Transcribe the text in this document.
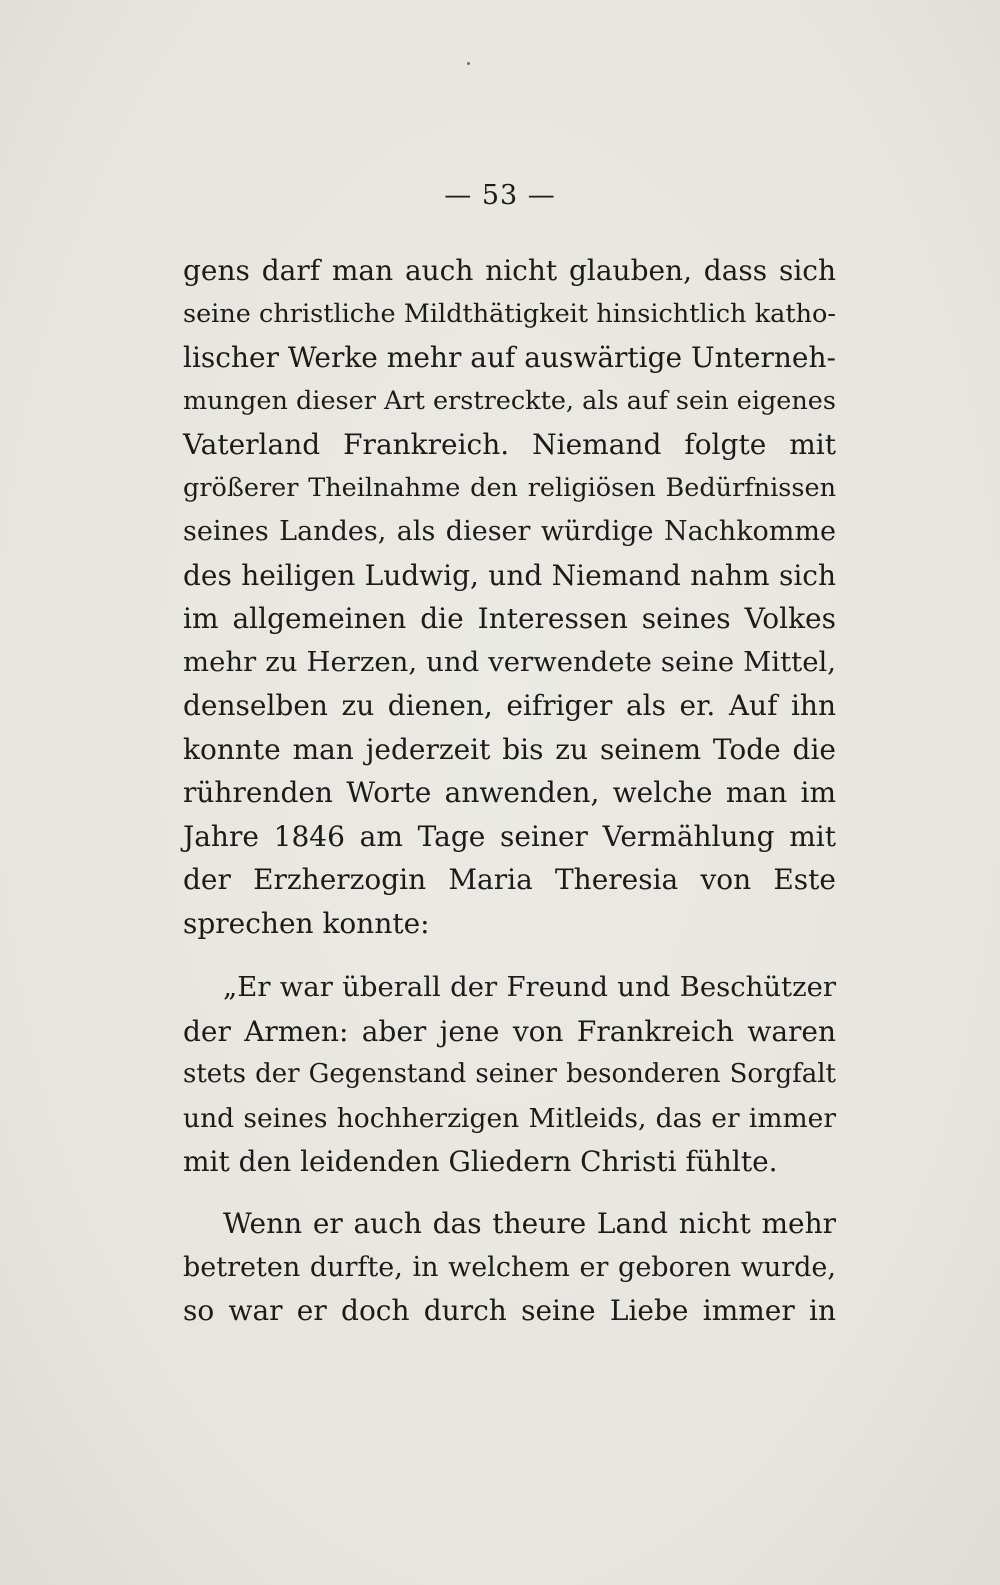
— 53 —
gens darf man auch nicht glauben, dass sich
seine christliche Mildthätigkeit hinsichtlich katho-
lischer Werke mehr auf auswärtige Unterneh-
mungen dieser Art erstreckte, als auf sein eigenes
Vaterland Frankreich. Niemand folgte mit
größerer Theilnahme den religiösen Bedürfnissen
seines Landes, als dieser würdige Nachkomme
des heiligen Ludwig, und Niemand nahm sich
im allgemeinen die Interessen seines Volkes
mehr zu Herzen, und verwendete seine Mittel,
denselben zu dienen, eifriger als er. Auf ihn
konnte man jederzeit bis zu seinem Tode die
rührenden Worte anwenden, welche man im
Jahre 1846 am Tage seiner Vermählung mit
der Erzherzogin Maria Theresia von Este
sprechen konnte:
„Er war überall der Freund und Beschützer
der Armen: aber jene von Frankreich waren
stets der Gegenstand seiner besonderen Sorgfalt
und seines hochherzigen Mitleids, das er immer
mit den leidenden Gliedern Christi fühlte.
Wenn er auch das theure Land nicht mehr
betreten durfte, in welchem er geboren wurde,
so war er doch durch seine Liebe immer in
